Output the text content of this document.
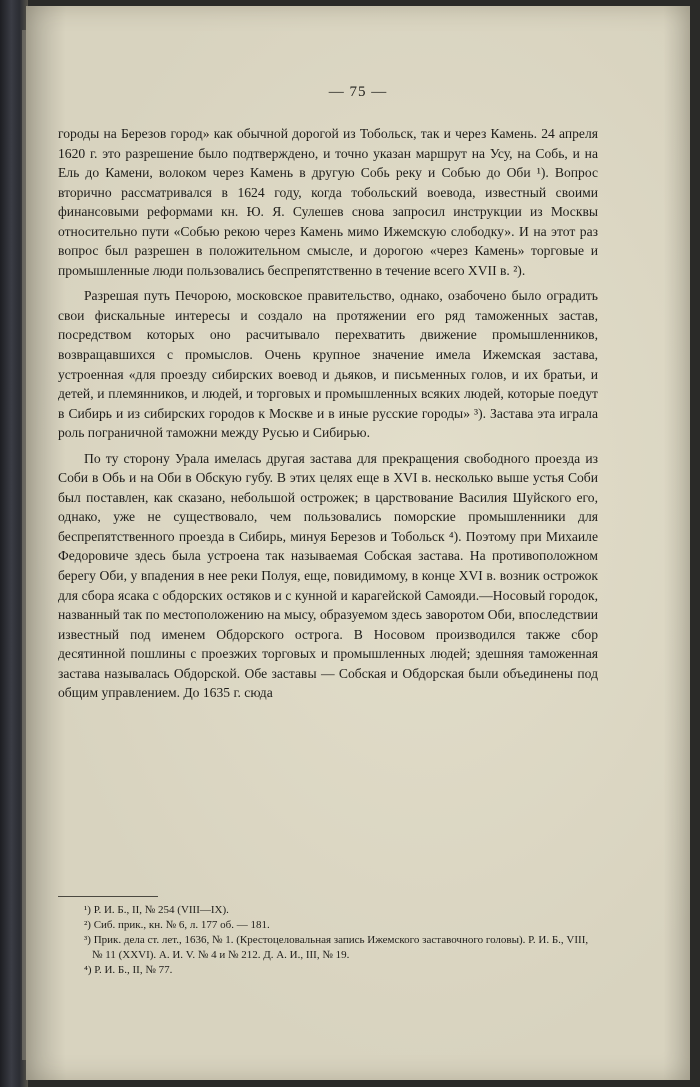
— 75 —

городы на Березов город» как обычной дорогой из Тобольск, так и через Камень. 24 апреля 1620 г. это разрешение было подтверждено, и точно указан маршрут на Усу, на Собь, и на Ель до Камени, волоком через Камень в другую Собь реку и Собью до Оби ¹). Вопрос вторично рассматривался в 1624 году, когда тобольский воевода, известный своими финансовыми реформами кн. Ю. Я. Сулешев снова запросил инструкции из Москвы относительно пути «Собью рекою через Камень мимо Ижемскую слободку». И на этот раз вопрос был разрешен в положительном смысле, и дорогою «через Камень» торговые и промышленные люди пользовались беспрепятственно в течение всего XVII в. ²).

Разрешая путь Печорою, московское правительство, однако, озабочено было оградить свои фискальные интересы и создало на протяжении его ряд таможенных застав, посредством которых оно расчитывало перехватить движение промышленников, возвращавшихся с промыслов. Очень крупное значение имела Ижемская застава, устроенная «для проезду сибирских воевод и дьяков, и письменных голов, и их братьи, и детей, и племянников, и людей, и торговых и промышленных всяких людей, которые поедут в Сибирь и из сибирских городов к Москве и в иные русские городы» ³). Застава эта играла роль пограничной таможни между Русью и Сибирью.

По ту сторону Урала имелась другая застава для прекращения свободного проезда из Соби в Обь и на Оби в Обскую губу. В этих целях еще в XVI в. несколько выше устья Соби был поставлен, как сказано, небольшой острожек; в царствование Василия Шуйского его, однако, уже не существовало, чем пользовались поморские промышленники для беспрепятственного проезда в Сибирь, минуя Березов и Тобольск ⁴). Поэтому при Михаиле Федоровиче здесь была устроена так называемая Собская застава. На противоположном берегу Оби, у впадения в нее реки Полуя, еще, повидимому, в конце XVI в. возник острожок для сбора ясака с обдорских остяков и с кунной и карагейской Самояди.—Носовый городок, названный так по местоположению на мысу, образуемом здесь заворотом Оби, впоследствии известный под именем Обдорского острога. В Носовом производился также сбор десятинной пошлины с проезжих торговых и промышленных людей; здешняя таможенная застава называлась Обдорской. Обе заставы — Собская и Обдорская были объединены под общим управлением. До 1635 г. сюда

¹) Р. И. Б., II, № 254 (VIII—IX).

²) Сиб. прик., кн. № 6, л. 177 об. — 181.

³) Прик. дела ст. лет., 1636, № 1. (Крестоцеловальная запись Ижемского заставочного головы). Р. И. Б., VIII, № 11 (XXVI). А. И. V. № 4 и № 212. Д. А. И., III, № 19.

⁴) Р. И. Б., II, № 77.
